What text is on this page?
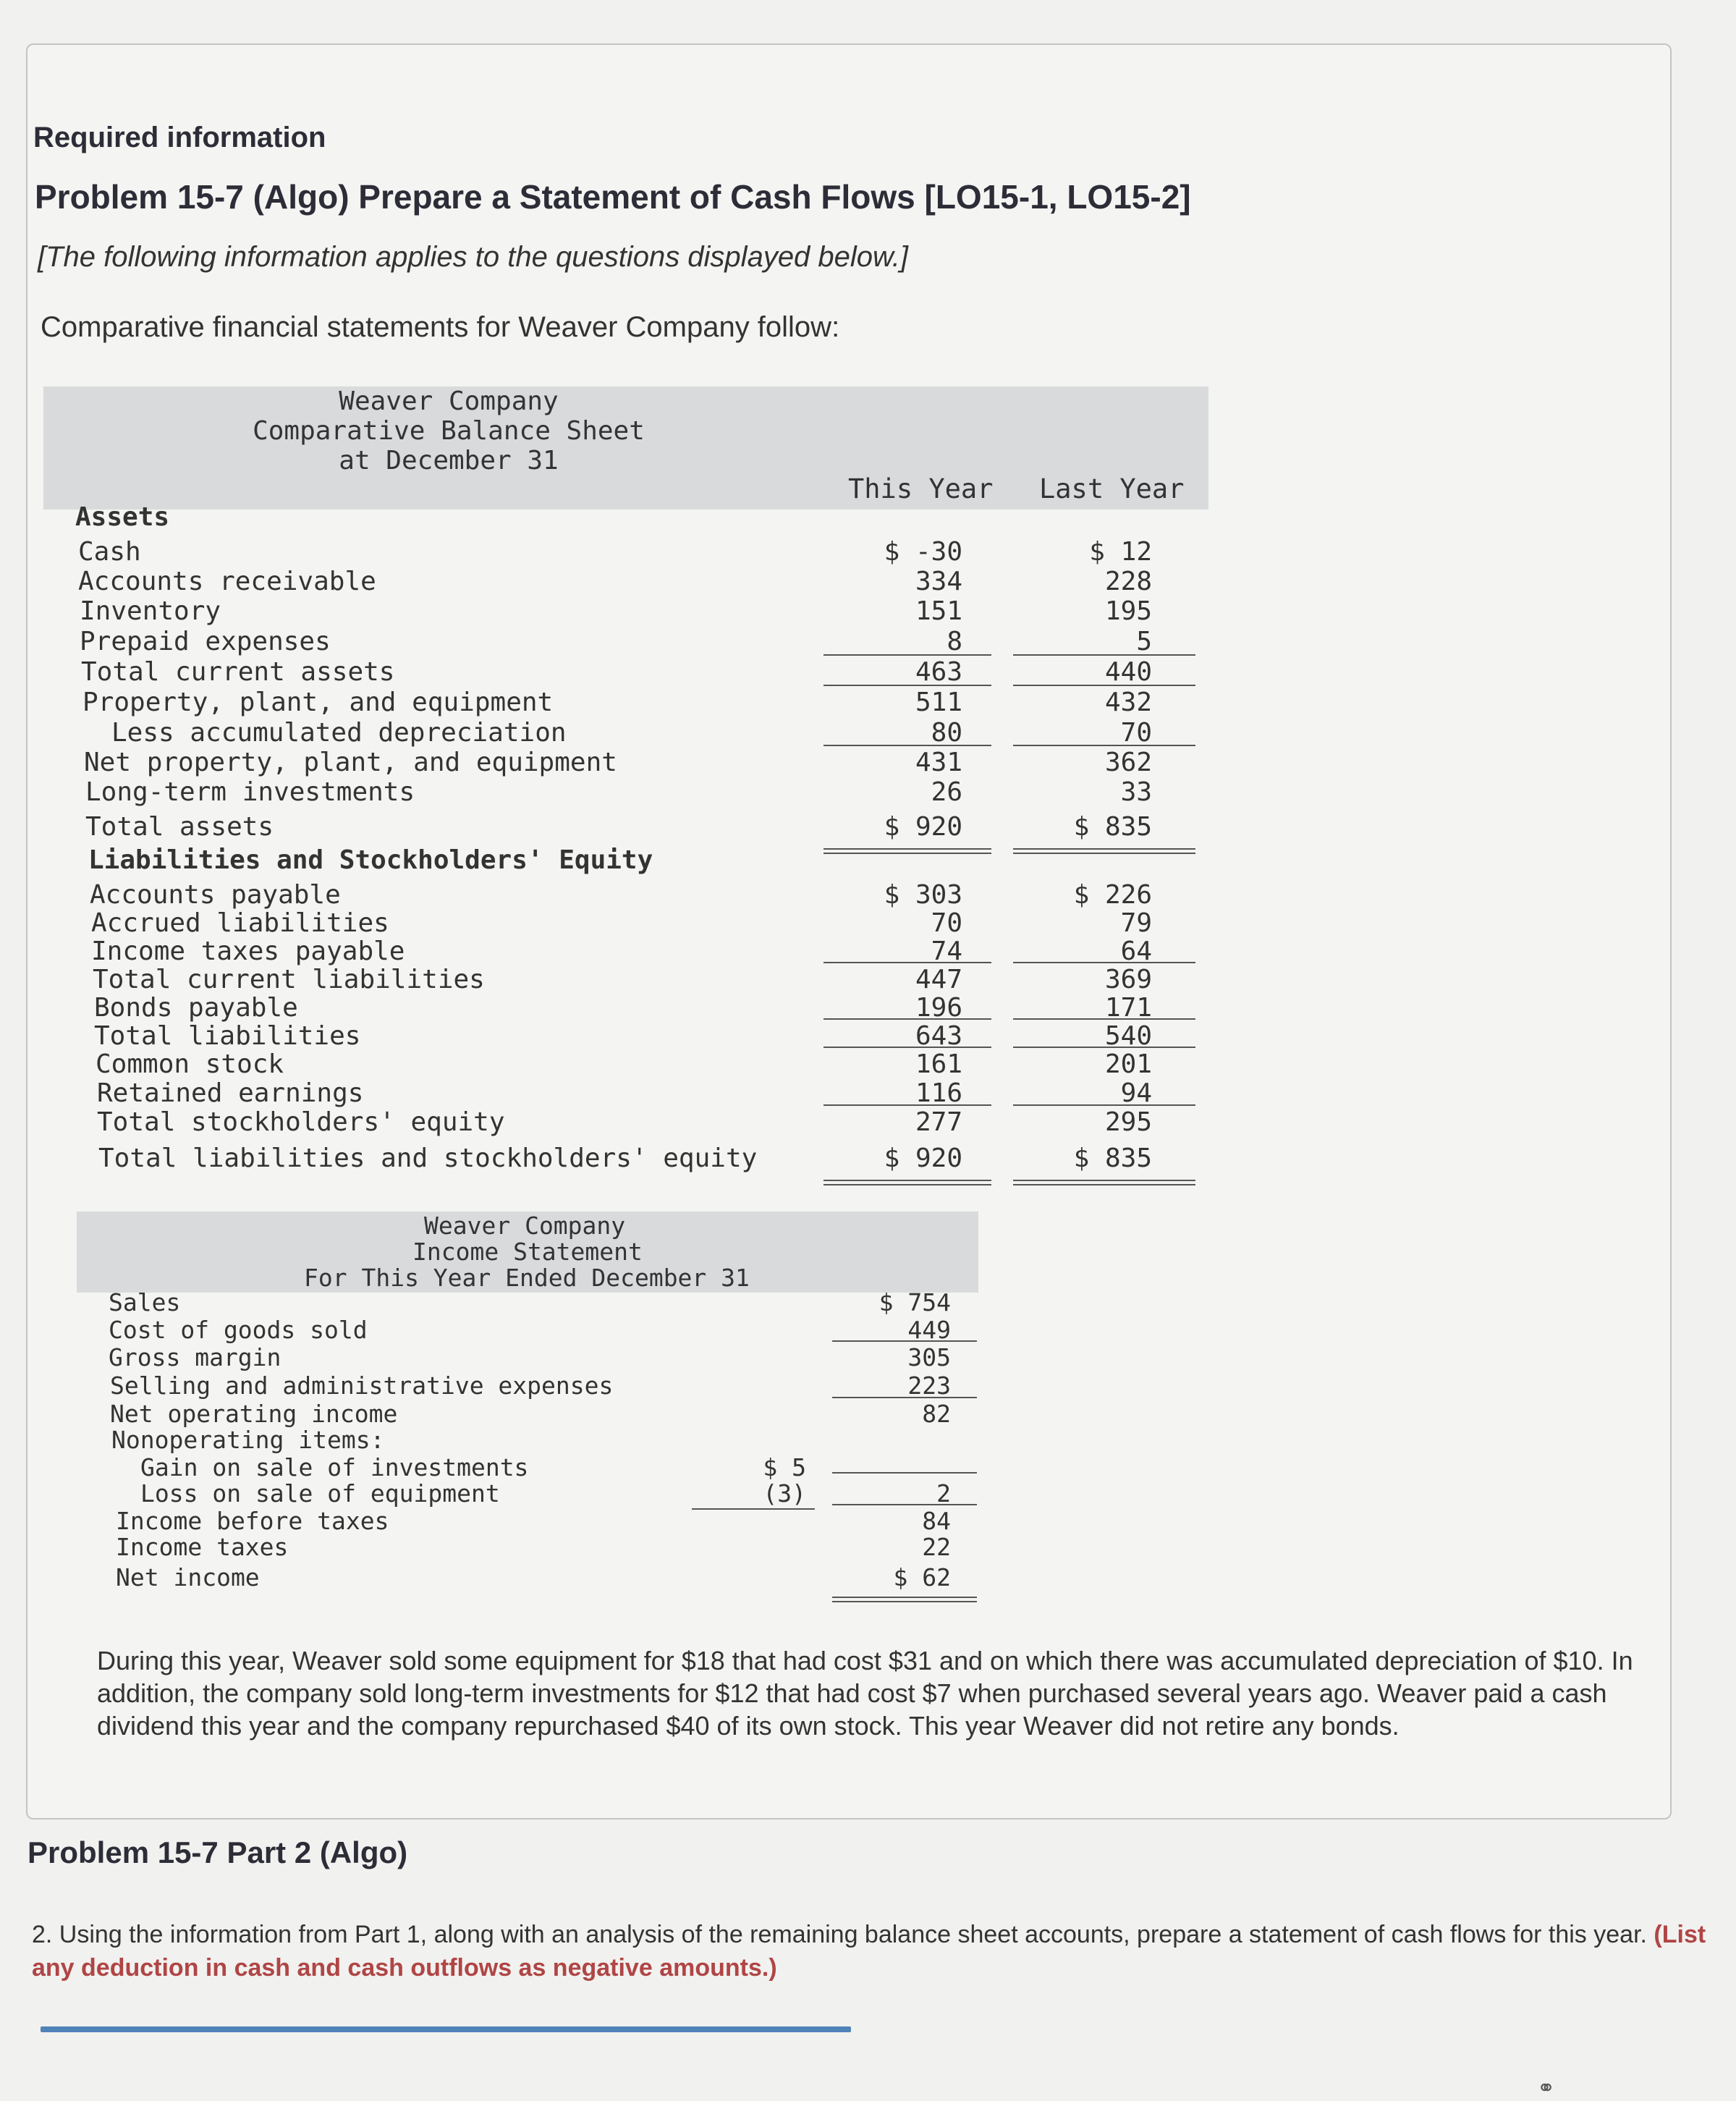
Required information
Problem 15-7 (Algo) Prepare a Statement of Cash Flows [LO15-1, LO15-2]
[The following information applies to the questions displayed below.]
Comparative financial statements for Weaver Company follow:
Weaver Company
Comparative Balance Sheet
at December 31
This Year Last Year
Assets
Liabilities and Stockholders' Equity
Cash	$ -30	$ 12
Accounts receivable	334	228
Inventory	151	195
Prepaid expenses	8	5
Total current assets	463	440
Property, plant, and equipment	511	432
Less accumulated depreciation	80	70
Net property, plant, and equipment	431	362
Long-term investments	26	33
Total assets	$ 920	$ 835
Accounts payable	$ 303	$ 226
Accrued liabilities	70	79
Income taxes payable	74	64
Total current liabilities	447	369
Bonds payable	196	171
Total liabilities	643	540
Common stock	161	201
Retained earnings	116	94
Total stockholders' equity	277	295
Total liabilities and stockholders' equity	$ 920	$ 835
Weaver Company
Income Statement
For This Year Ended December 31
Sales	$ 754
Cost of goods sold	449
Gross margin	305
Selling and administrative expenses	223
Net operating income	82
Nonoperating items:
Gain on sale of investments	$ 5
Loss on sale of equipment	(3)	2
Income before taxes	84
Income taxes	22
Net income	$ 62
During this year, Weaver sold some equipment for $18 that had cost $31 and on which there was accumulated depreciation of $10. In addition, the company sold long-term investments for $12 that had cost $7 when purchased several years ago. Weaver paid a cash dividend this year and the company repurchased $40 of its own stock. This year Weaver did not retire any bonds.
Problem 15-7 Part 2 (Algo)
2. Using the information from Part 1, along with an analysis of the remaining balance sheet accounts, prepare a statement of cash flows for this year. (List any deduction in cash and cash outflows as negative amounts.)
⚭
